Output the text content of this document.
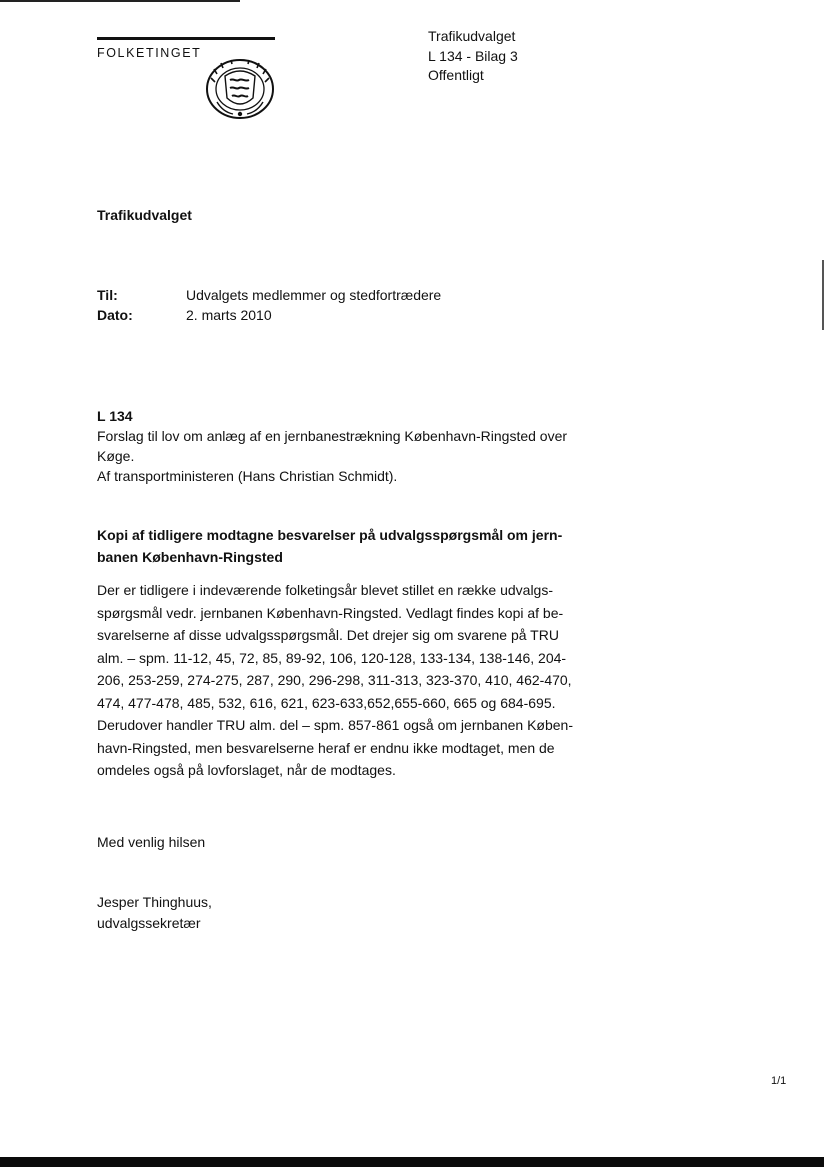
FOLKETINGET
Trafikudvalget
L 134 - Bilag 3
Offentligt
Trafikudvalget
Til:	Udvalgets medlemmer og stedfortrædere
Dato:	2. marts 2010
L 134
Forslag til lov om anlæg af en jernbanestrækning København-Ringsted over
Køge.
Af transportministeren (Hans Christian Schmidt).
Kopi af tidligere modtagne besvarelser på udvalgsspørgsmål om jern-
banen København-Ringsted
Der er tidligere i indeværende folketingsår blevet stillet en række udvalgs-
spørgsmål vedr. jernbanen København-Ringsted. Vedlagt findes kopi af be-
svarelserne af disse udvalgsspørgsmål. Det drejer sig om svarene på TRU
alm. – spm. 11-12, 45, 72, 85, 89-92, 106, 120-128, 133-134, 138-146, 204-
206, 253-259, 274-275, 287, 290, 296-298, 311-313, 323-370, 410, 462-470,
474, 477-478, 485, 532, 616, 621, 623-633,652,655-660, 665 og 684-695.
Derudover handler TRU alm. del – spm. 857-861 også om jernbanen Køben-
havn-Ringsted, men besvarelserne heraf er endnu ikke modtaget, men de
omdeles også på lovforslaget, når de modtages.
Med venlig hilsen
Jesper Thinghuus,
udvalgssekretær
1/1
